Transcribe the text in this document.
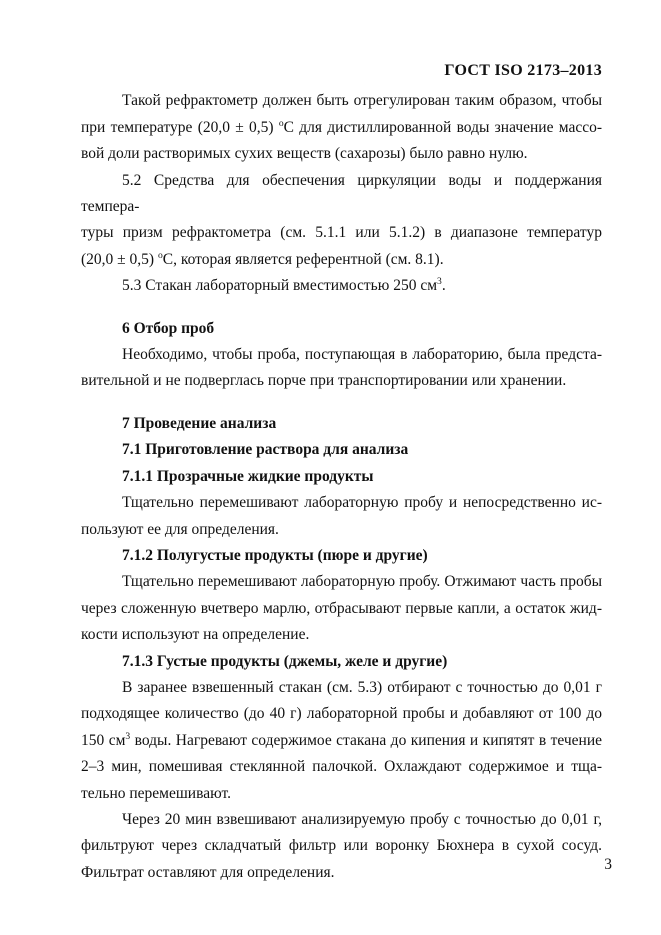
ГОСТ ISO 2173–2013
Такой рефрактометр должен быть отрегулирован таким образом, чтобы
при температуре (20,0 ± 0,5) $^o$С для дистиллированной воды значение массо-
вой доли растворимых сухих веществ (сахарозы) было равно нулю.
5.2 Средства для обеспечения циркуляции воды и поддержания темпера-
туры призм рефрактометра (см. 5.1.1 или 5.1.2) в диапазоне температур
(20,0 ± 0,5) $^o$С, которая является референтной (см. 8.1).
5.3 Стакан лабораторный вместимостью 250 $см^3$.
6 Отбор проб
Необходимо, чтобы проба, поступающая в лабораторию, была предста-
вительной и не подверглась порче при транспортировании или хранении.
7 Проведение анализа
7.1 Приготовление раствора для анализа
7.1.1 Прозрачные жидкие продукты
Тщательно перемешивают лабораторную пробу и непосредственно ис-
пользуют ее для определения.
7.1.2 Полугустые продукты (пюре и другие)
Тщательно перемешивают лабораторную пробу. Отжимают часть пробы
через сложенную вчетверо марлю, отбрасывают первые капли, а остаток жид-
кости используют на определение.
7.1.3 Густые продукты (джемы, желе и другие)
В заранее взвешенный стакан (см. 5.3) отбирают с точностью до 0,01 г
подходящее количество (до 40 г) лабораторной пробы и добавляют от 100 до
150 $см^3$ воды. Нагревают содержимое стакана до кипения и кипятят в течение
2–3 мин, помешивая стеклянной палочкой. Охлаждают содержимое и тща-
тельно перемешивают.
Через 20 мин взвешивают анализируемую пробу с точностью до 0,01 г,
фильтруют через складчатый фильтр или воронку Бюхнера в сухой сосуд.
Фильтрат оставляют для определения.	3
